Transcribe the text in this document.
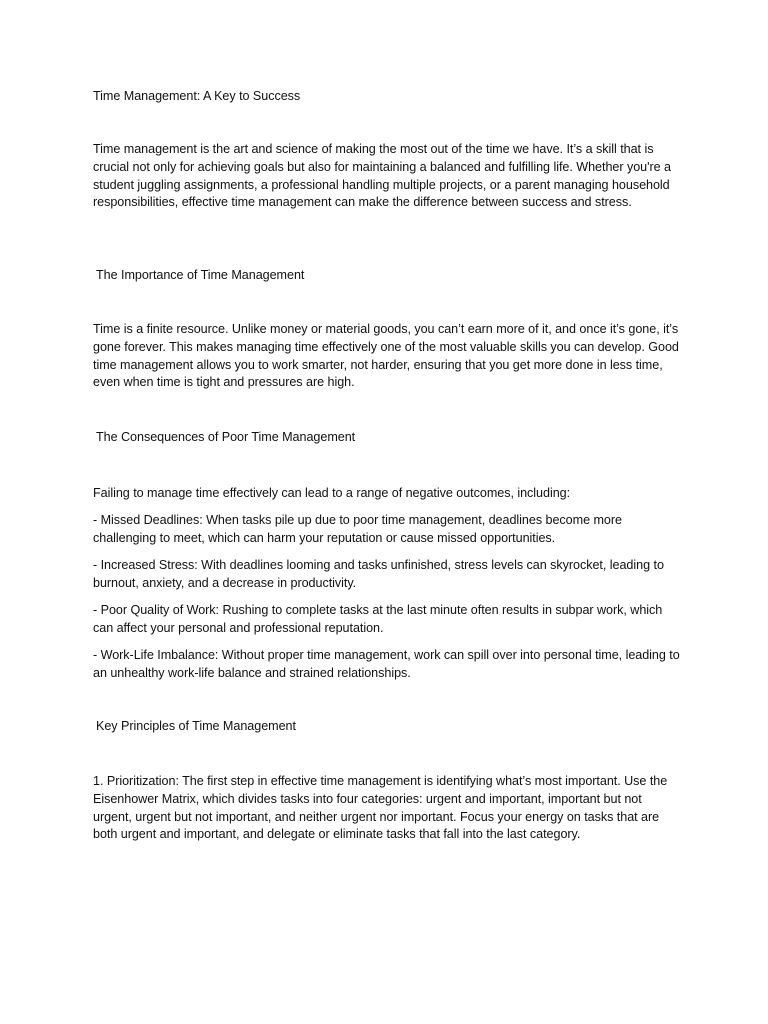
Time Management: A Key to Success

Time management is the art and science of making the most out of the time we have. It’s a skill that is crucial not only for achieving goals but also for maintaining a balanced and fulfilling life. Whether you're a student juggling assignments, a professional handling multiple projects, or a parent managing household responsibilities, effective time management can make the difference between success and stress.

The Importance of Time Management

Time is a finite resource. Unlike money or material goods, you can’t earn more of it, and once it’s gone, it’s gone forever. This makes managing time effectively one of the most valuable skills you can develop. Good time management allows you to work smarter, not harder, ensuring that you get more done in less time, even when time is tight and pressures are high.

The Consequences of Poor Time Management

Failing to manage time effectively can lead to a range of negative outcomes, including:

- Missed Deadlines: When tasks pile up due to poor time management, deadlines become more challenging to meet, which can harm your reputation or cause missed opportunities.

- Increased Stress: With deadlines looming and tasks unfinished, stress levels can skyrocket, leading to burnout, anxiety, and a decrease in productivity.

- Poor Quality of Work: Rushing to complete tasks at the last minute often results in subpar work, which can affect your personal and professional reputation.

- Work-Life Imbalance: Without proper time management, work can spill over into personal time, leading to an unhealthy work-life balance and strained relationships.

Key Principles of Time Management

1. Prioritization: The first step in effective time management is identifying what’s most important. Use the Eisenhower Matrix, which divides tasks into four categories: urgent and important, important but not urgent, urgent but not important, and neither urgent nor important. Focus your energy on tasks that are both urgent and important, and delegate or eliminate tasks that fall into the last category.
